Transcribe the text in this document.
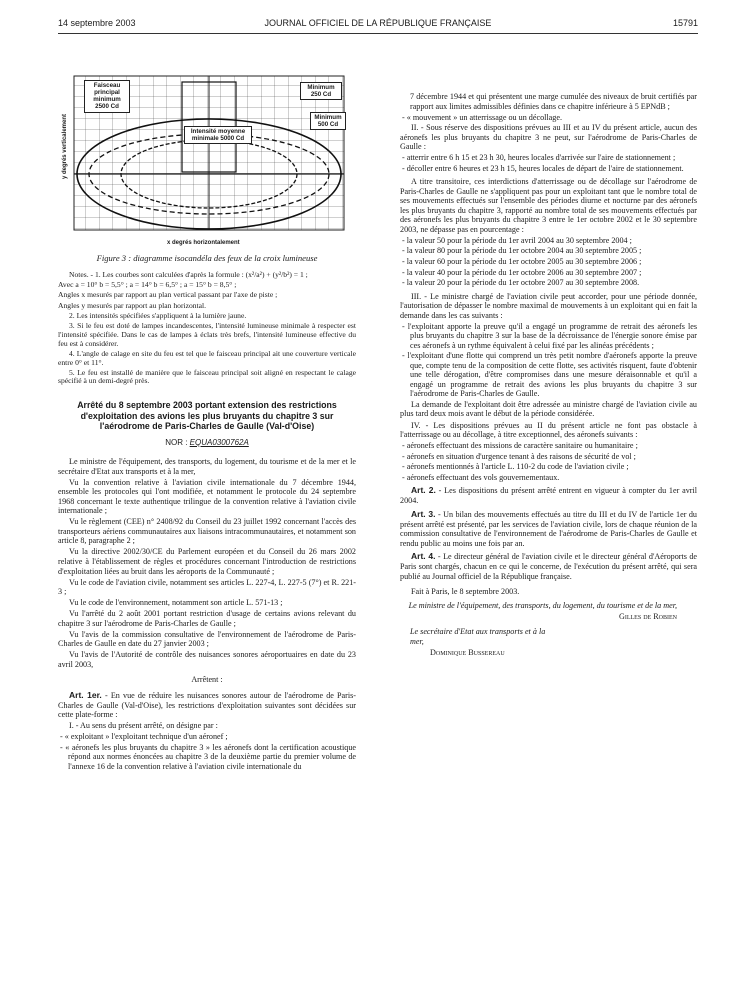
14 septembre 2003	JOURNAL OFFICIEL DE LA RÉPUBLIQUE FRANÇAISE	15791
Faisceau principal minimum 2500 Cd
Intensité moyenne minimale 5000 Cd
Minimum 250 Cd
Minimum 500 Cd
y degrés verticalement
x degrés horizontalement
Figure 3 : diagramme isocandéla des feux de la croix lumineuse

Notes. - 1. Les courbes sont calculées d'après la formule : (x²/a²) + (y²/b²) = 1 ;

Avec a = 10° b = 5,5° ; a = 14° b = 6,5° ; a = 15° b = 8,5° ;

Angles x mesurés par rapport au plan vertical passant par l'axe de piste ;

Angles y mesurés par rapport au plan horizontal.

2. Les intensités spécifiées s'appliquent à la lumière jaune.

3. Si le feu est doté de lampes incandescentes, l'intensité lumineuse minimale à respecter est l'intensité spécifiée. Dans le cas de lampes à éclats très brefs, l'intensité lumineuse effective du feu est à considérer.

4. L'angle de calage en site du feu est tel que le faisceau principal ait une couverture verticale entre 0° et 11°.

5. Le feu est installé de manière que le faisceau principal soit aligné en respectant le calage spécifié à un demi-degré près.

Arrêté du 8 septembre 2003 portant extension des restrictions d'exploitation des avions les plus bruyants du chapitre 3 sur l'aérodrome de Paris-Charles de Gaulle (Val-d'Oise)
NOR : EQUA0300762A

Le ministre de l'équipement, des transports, du logement, du tourisme et de la mer et le secrétaire d'Etat aux transports et à la mer,

Vu la convention relative à l'aviation civile internationale du 7 décembre 1944, ensemble les protocoles qui l'ont modifiée, et notamment le protocole du 24 septembre 1968 concernant le texte authentique trilingue de la convention relative à l'aviation civile internationale ;

Vu le règlement (CEE) n° 2408/92 du Conseil du 23 juillet 1992 concernant l'accès des transporteurs aériens communautaires aux liaisons intracommunautaires, et notamment son article 8, paragraphe 2 ;

Vu la directive 2002/30/CE du Parlement européen et du Conseil du 26 mars 2002 relative à l'établissement de règles et procédures concernant l'introduction de restrictions d'exploitation liées au bruit dans les aéroports de la Communauté ;

Vu le code de l'aviation civile, notamment ses articles L. 227-4, L. 227-5 (7°) et R. 221-3 ;

Vu le code de l'environnement, notamment son article L. 571-13 ;

Vu l'arrêté du 2 août 2001 portant restriction d'usage de certains avions relevant du chapitre 3 sur l'aérodrome de Paris-Charles de Gaulle ;

Vu l'avis de la commission consultative de l'environnement de l'aérodrome de Paris-Charles de Gaulle en date du 27 janvier 2003 ;

Vu l'avis de l'Autorité de contrôle des nuisances sonores aéroportuaires en date du 23 avril 2003,

Arrêtent :

Art. 1er. - En vue de réduire les nuisances sonores autour de l'aérodrome de Paris-Charles de Gaulle (Val-d'Oise), les restrictions d'exploitation suivantes sont décidées sur cette plate-forme :

I. - Au sens du présent arrêté, on désigne par :

- « exploitant » l'exploitant technique d'un aéronef ;

- « aéronefs les plus bruyants du chapitre 3 » les aéronefs dont la certification acoustique répond aux normes énoncées au chapitre 3 de la deuxième partie du premier volume de l'annexe 16 de la convention relative à l'aviation civile internationale du

7 décembre 1944 et qui présentent une marge cumulée des niveaux de bruit certifiés par rapport aux limites admissibles définies dans ce chapitre inférieure à 5 EPNdB ;

- « mouvement » un atterrissage ou un décollage.

II. - Sous réserve des dispositions prévues au III et au IV du présent article, aucun des aéronefs les plus bruyants du chapitre 3 ne peut, sur l'aérodrome de Paris-Charles de Gaulle :

- atterrir entre 6 h 15 et 23 h 30, heures locales d'arrivée sur l'aire de stationnement ;

- décoller entre 6 heures et 23 h 15, heures locales de départ de l'aire de stationnement.

A titre transitoire, ces interdictions d'atterrissage ou de décollage sur l'aérodrome de Paris-Charles de Gaulle ne s'appliquent pas pour un exploitant tant que le nombre total de ses mouvements effectués sur l'ensemble des périodes diurne et nocturne par des aéronefs les plus bruyants du chapitre 3, rapporté au nombre total de ses mouvements effectués par des aéronefs les plus bruyants du chapitre 3 entre le 1er octobre 2002 et le 30 septembre 2003, ne dépasse pas en pourcentage :

- la valeur 50 pour la période du 1er avril 2004 au 30 septembre 2004 ;

- la valeur 80 pour la période du 1er octobre 2004 au 30 septembre 2005 ;

- la valeur 60 pour la période du 1er octobre 2005 au 30 septembre 2006 ;

- la valeur 40 pour la période du 1er octobre 2006 au 30 septembre 2007 ;

- la valeur 20 pour la période du 1er octobre 2007 au 30 septembre 2008.

III. - Le ministre chargé de l'aviation civile peut accorder, pour une période donnée, l'autorisation de dépasser le nombre maximal de mouvements à un exploitant qui en fait la demande dans les cas suivants :

- l'exploitant apporte la preuve qu'il a engagé un programme de retrait des aéronefs les plus bruyants du chapitre 3 sur la base de la décroissance de l'énergie sonore émise par ces aéronefs à un rythme équivalent à celui fixé par les alinéas précédents ;

- l'exploitant d'une flotte qui comprend un très petit nombre d'aéronefs apporte la preuve que, compte tenu de la composition de cette flotte, ses activités risquent, faute d'obtenir une telle dérogation, d'être compromises dans une mesure déraisonnable et qu'il a engagé un programme de retrait des avions les plus bruyants du chapitre 3 sur l'aérodrome de Paris-Charles de Gaulle.

La demande de l'exploitant doit être adressée au ministre chargé de l'aviation civile au plus tard deux mois avant le début de la période considérée.

IV. - Les dispositions prévues au II du présent article ne font pas obstacle à l'atterrissage ou au décollage, à titre exceptionnel, des aéronefs suivants :

- aéronefs effectuant des missions de caractère sanitaire ou humanitaire ;

- aéronefs en situation d'urgence tenant à des raisons de sécurité de vol ;

- aéronefs mentionnés à l'article L. 110-2 du code de l'aviation civile ;

- aéronefs effectuant des vols gouvernementaux.

Art. 2. - Les dispositions du présent arrêté entrent en vigueur à compter du 1er avril 2004.

Art. 3. - Un bilan des mouvements effectués au titre du III et du IV de l'article 1er du présent arrêté est présenté, par les services de l'aviation civile, lors de chaque réunion de la commission consultative de l'environnement de l'aérodrome de Paris-Charles de Gaulle et rendu public au moins une fois par an.

Art. 4. - Le directeur général de l'aviation civile et le directeur général d'Aéroports de Paris sont chargés, chacun en ce qui le concerne, de l'exécution du présent arrêté, qui sera publié au Journal officiel de la République française.

Fait à Paris, le 8 septembre 2003.

Le ministre de l'équipement, des transports, du logement, du tourisme et de la mer,

Gilles de Robien

Le secrétaire d'Etat aux transports et à la mer,

Dominique Bussereau
